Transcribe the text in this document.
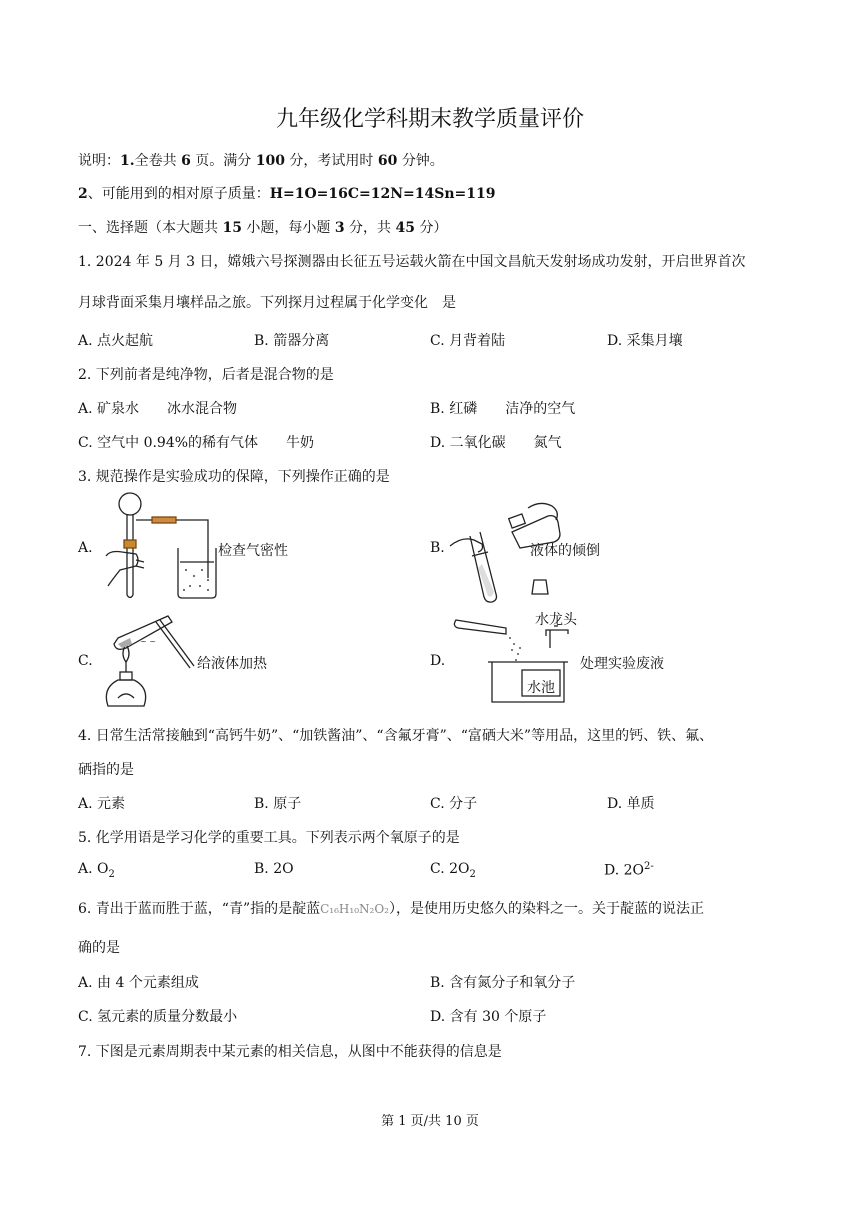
九年级化学科期末教学质量评价
说明：1.全卷共 6 页。满分 100 分，考试用时 60 分钟。
2、可能用到的相对原子质量：H=1O=16C=12N=14Sn=119
一、选择题（本大题共 15 小题，每小题 3 分，共 45 分）
1. 2024 年 5 月 3 日，嫦娥六号探测器由长征五号运载火箭在中国文昌航天发射场成功发射，开启世界首次
月球背面采集月壤样品之旅。下列探月过程属于化学变化　是
A. 点火起航	B. 箭器分离	C. 月背着陆	D. 采集月壤
2. 下列前者是纯净物，后者是混合物的是
A. 矿泉水　　冰水混合物	B. 红磷　　洁净的空气
C. 空气中 0.94%的稀有气体　　牛奶	D. 二氧化碳　　氮气
3. 规范操作是实验成功的保障，下列操作正确的是
A.	检查气密性	B.	液体的倾倒
C.
~ ~
给液体加热	D.
水龙头
水池
处理实验废液
4. 日常生活常接触到“高钙牛奶”、“加铁酱油”、“含氟牙膏”、“富硒大米”等用品，这里的钙、铁、氟、
硒指的是
A. 元素	B. 原子	C. 分子	D. 单质
5. 化学用语是学习化学的重要工具。下列表示两个氧原子的是
A. $O_2$	B. 2O	C. $2O_2$	D. $2O^{2-}$
6. 青出于蓝而胜于蓝，“青”指的是靛蓝C₁₆H₁₀N₂O₂），是使用历史悠久的染料之一。关于靛蓝的说法正
确的是
A. 由 4 个元素组成	B. 含有氮分子和氧分子
C. 氢元素的质量分数最小	D. 含有 30 个原子
7. 下图是元素周期表中某元素的相关信息，从图中不能获得的信息是
第 1 页/共 10 页
